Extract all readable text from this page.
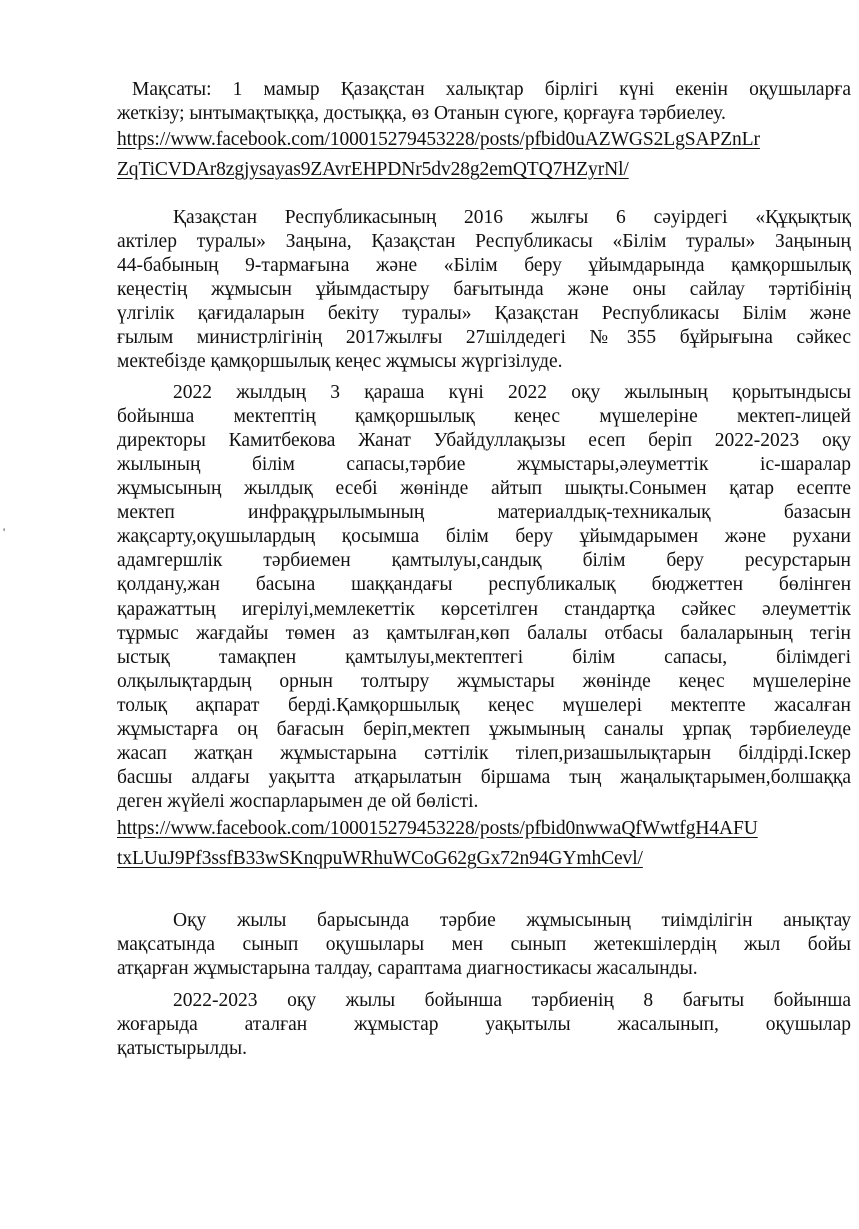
'
Мақсаты: 1 мамыр Қазақстан халықтар бірлігі күні екенін оқушыларға
жеткізу; ынтымақтыққа, достыққа, өз Отанын сүюге, қорғауға тәрбиелеу.
https://www.facebook.com/100015279453228/posts/pfbid0uAZWGS2LgSAPZnLr
ZqTiCVDAr8zgjysayas9ZAvrEHPDNr5dv28g2emQTQ7HZyrNl/
Қазақстан Республикасының 2016 жылғы 6 сәуірдегі «Құқықтық
актілер туралы» Заңына, Қазақстан Республикасы «Білім туралы» Заңының
44-бабының 9-тармағына және «Білім беру ұйымдарында қамқоршылық
кеңестің жұмысын ұйымдастыру бағытында және оны сайлау тәртібінің
үлгілік қағидаларын бекіту туралы» Қазақстан Республикасы Білім және
ғылым министрлігінің 2017жылғы 27шілдедегі №355 бұйрығына сәйкес
мектебізде қамқоршылық кеңес жұмысы жүргізілуде.
2022 жылдың 3 қараша күні 2022 оқу жылының қорытындысы
бойынша мектептің қамқоршылық кеңес мүшелеріне мектеп-лицей
директоры Камитбекова Жанат Убайдуллақызы есеп беріп 2022-2023 оқу
жылының білім сапасы,тәрбие жұмыстары,әлеуметтік іс-шаралар
жұмысының жылдық есебі жөнінде айтып шықты.Сонымен қатар есепте
мектеп инфрақұрылымының материалдық-техникалық базасын
жақсарту,оқушылардың қосымша білім беру ұйымдарымен және рухани
адамгершлік тәрбиемен қамтылуы,сандық білім беру ресурстарын
қолдану,жан басына шаққандағы республикалық бюджеттен бөлінген
қаражаттың игерілуі,мемлекеттік көрсетілген стандартқа сәйкес әлеуметтік
тұрмыс жағдайы төмен аз қамтылған,көп балалы отбасы балаларының тегін
ыстық тамақпен қамтылуы,мектептегі білім сапасы, білімдегі
олқылықтардың орнын толтыру жұмыстары жөнінде кеңес мүшелеріне
толық ақпарат берді.Қамқоршылық кеңес мүшелері мектепте жасалған
жұмыстарға оң бағасын беріп,мектеп ұжымының саналы ұрпақ тәрбиелеуде
жасап жатқан жұмыстарына сәттілік тілеп,ризашылықтарын білдірді.Іскер
басшы алдағы уақытта атқарылатын біршама тың жаңалықтарымен,болшаққа
деген жүйелі жоспарларымен де ой бөлісті.
https://www.facebook.com/100015279453228/posts/pfbid0nwwaQfWwtfgH4AFU
txLUuJ9Pf3ssfB33wSKnqpuWRhuWCoG62gGx72n94GYmhCevl/
Оқу жылы барысында тәрбие жұмысының тиімділігін анықтау
мақсатында сынып оқушылары мен сынып жетекшілердің жыл бойы
атқарған жұмыстарына талдау, сараптама диагностикасы жасалынды.
2022-2023 оқу жылы бойынша тәрбиенің 8 бағыты бойынша
жоғарыда аталған жұмыстар уақытылы жасалынып, оқушылар
қатыстырылды.
